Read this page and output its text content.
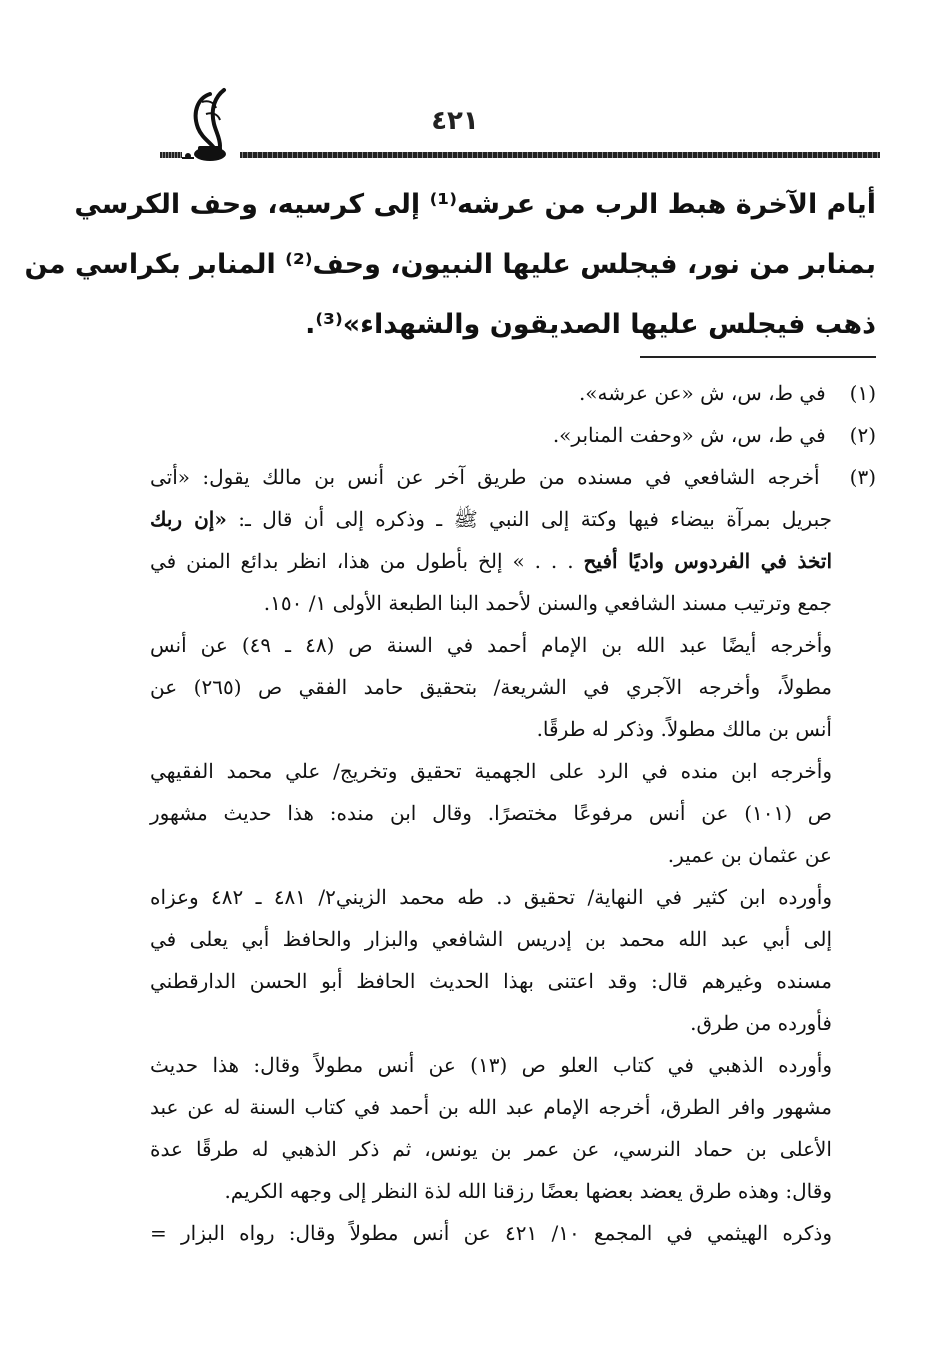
٤٢١
أيام الآخرة هبط الرب من عرشه⁽¹⁾ إلى كرسيه، وحف الكرسي
بمنابر من نور، فيجلس عليها النبيون، وحف⁽²⁾ المنابر بكراسي من
ذهب فيجلس عليها الصديقون والشهداء»⁽³⁾.
(١) في ط، س، ش «عن عرشه».
(٢) في ط، س، ش «وحفت المنابر».
(٣) أخرجه الشافعي في مسنده من طريق آخر عن أنس بن مالك يقول: «أتى
جبريل بمرآة بيضاء فيها وكتة إلى النبي ﷺ ـ وذكره إلى أن قال ـ: «إن ربك
اتخذ في الفردوس واديًا أفيح . . . » إلخ بأطول من هذا، انظر بدائع المنن في
جمع وترتيب مسند الشافعي والسنن لأحمد البنا الطبعة الأولى ١/ ١٥٠.
وأخرجه أيضًا عبد الله بن الإمام أحمد في السنة ص (٤٨ ـ ٤٩) عن أنس
مطولاً، وأخرجه الآجري في الشريعة/ بتحقيق حامد الفقي ص (٢٦٥) عن
أنس بن مالك مطولاً. وذكر له طرقًا.
وأخرجه ابن منده في الرد على الجهمية تحقيق وتخريج/ علي محمد الفقيهي
ص (١٠١) عن أنس مرفوعًا مختصرًا. وقال ابن منده: هذا حديث مشهور
عن عثمان بن عمير.
وأورده ابن كثير في النهاية/ تحقيق د. طه محمد الزيني٢/ ٤٨١ ـ ٤٨٢ وعزاه
إلى أبي عبد الله محمد بن إدريس الشافعي والبزار والحافظ أبي يعلى في
مسنده وغيرهم قال: وقد اعتنى بهذا الحديث الحافظ أبو الحسن الدارقطني
فأورده من طرق.
وأورده الذهبي في كتاب العلو ص (١٣) عن أنس مطولاً وقال: هذا حديث
مشهور وافر الطرق، أخرجه الإمام عبد الله بن أحمد في كتاب السنة له عن عبد
الأعلى بن حماد النرسي، عن عمر بن يونس، ثم ذكر الذهبي له طرقًا عدة
وقال: وهذه طرق يعضد بعضها بعضًا رزقنا الله لذة النظر إلى وجهه الكريم.
وذكره الهيثمي في المجمع ١٠/ ٤٢١ عن أنس مطولاً وقال: رواه البزار =
